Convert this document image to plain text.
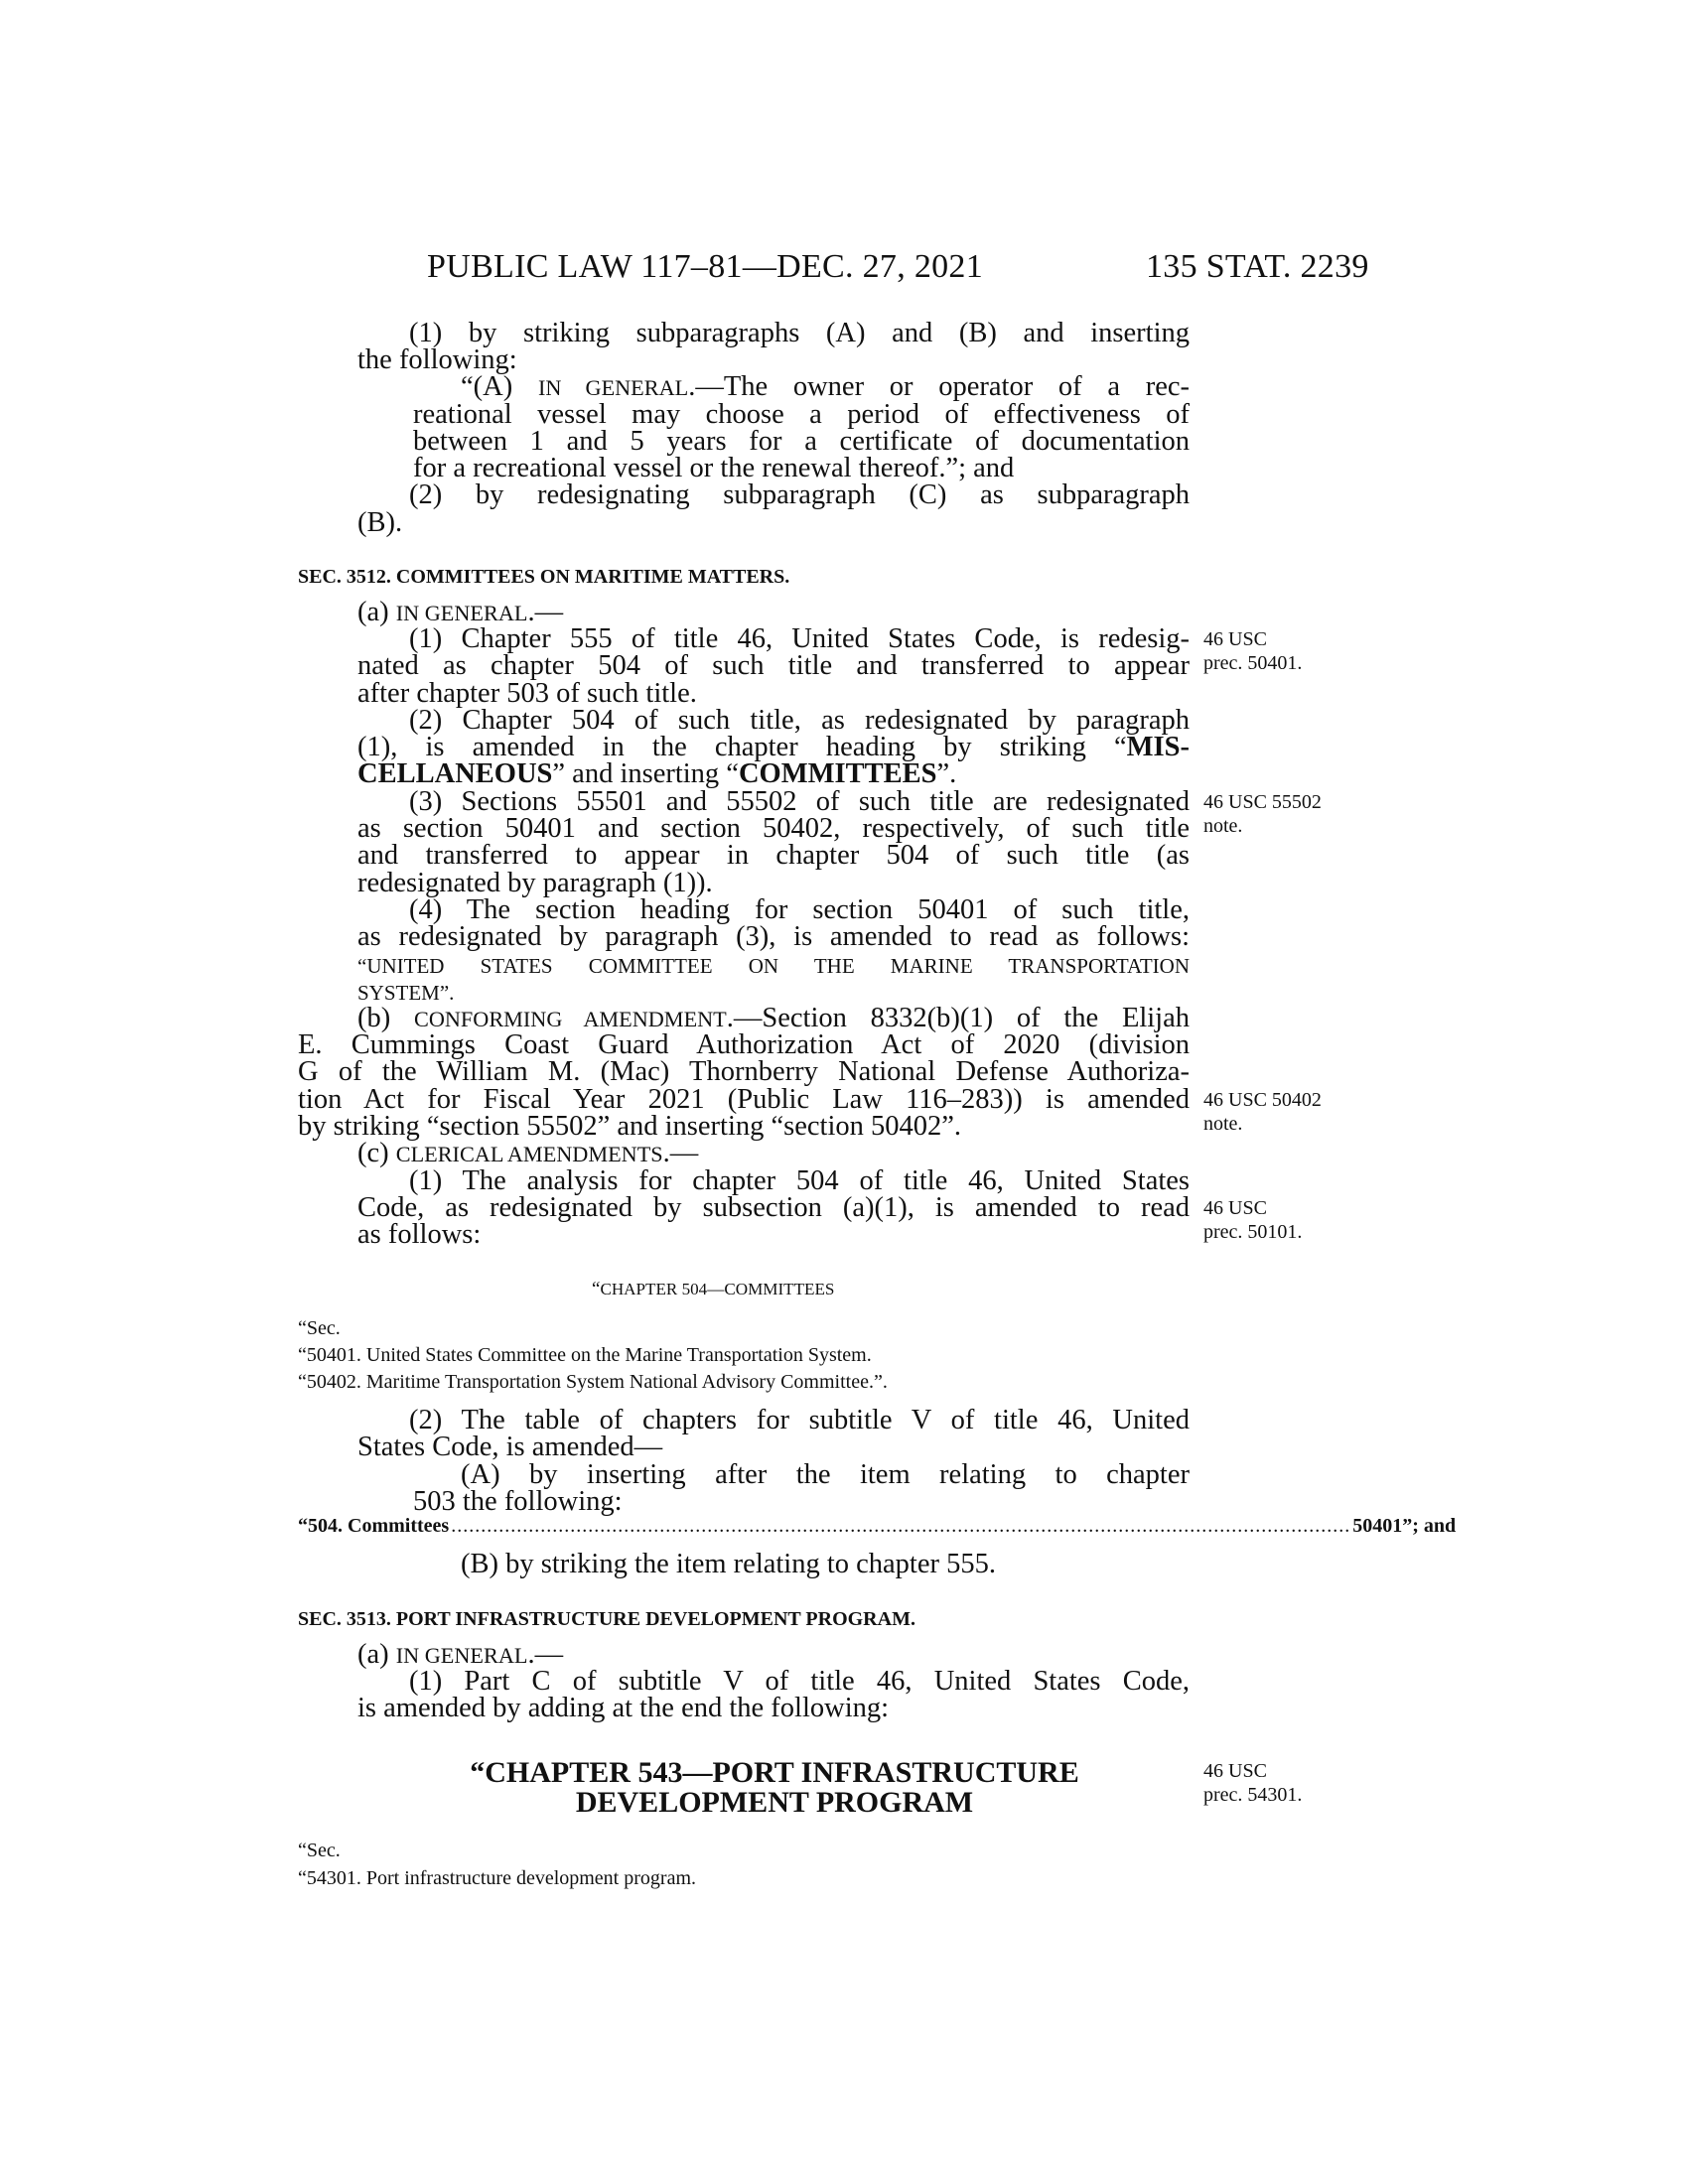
PUBLIC LAW 117–81—DEC. 27, 2021	135 STAT. 2239
(1) by striking subparagraphs (A) and (B) and inserting
the following:
“(A) IN GENERAL.—The owner or operator of a rec-
reational vessel may choose a period of effectiveness of
between 1 and 5 years for a certificate of documentation
for a recreational vessel or the renewal thereof.”; and
(2) by redesignating subparagraph (C) as subparagraph
(B).
SEC. 3512. COMMITTEES ON MARITIME MATTERS.
(a) IN GENERAL.—
(1) Chapter 555 of title 46, United States Code, is redesig-
nated as chapter 504 of such title and transferred to appear
after chapter 503 of such title.
(2) Chapter 504 of such title, as redesignated by paragraph
(1), is amended in the chapter heading by striking “MIS-
CELLANEOUS” and inserting “COMMITTEES”.
(3) Sections 55501 and 55502 of such title are redesignated
as section 50401 and section 50402, respectively, of such title
and transferred to appear in chapter 504 of such title (as
redesignated by paragraph (1)).
(4) The section heading for section 50401 of such title,
as redesignated by paragraph (3), is amended to read as follows:
“UNITED STATES COMMITTEE ON THE MARINE TRANSPORTATION
SYSTEM”.
(b) CONFORMING AMENDMENT.—Section 8332(b)(1) of the Elijah
E. Cummings Coast Guard Authorization Act of 2020 (division
G of the William M. (Mac) Thornberry National Defense Authoriza-
tion Act for Fiscal Year 2021 (Public Law 116–283)) is amended
by striking “section 55502” and inserting “section 50402”.
(c) CLERICAL AMENDMENTS.—
(1) The analysis for chapter 504 of title 46, United States
Code, as redesignated by subsection (a)(1), is amended to read
as follows:
“CHAPTER 504—COMMITTEES
“Sec.
“50401. United States Committee on the Marine Transportation System.
“50402. Maritime Transportation System National Advisory Committee.”.
(2) The table of chapters for subtitle V of title 46, United
States Code, is amended—
(A) by inserting after the item relating to chapter
503 the following:
“504. Committees ....................................................................................................................................................... 50401”; and
(B) by striking the item relating to chapter 555.
SEC. 3513. PORT INFRASTRUCTURE DEVELOPMENT PROGRAM.
(a) IN GENERAL.—
(1) Part C of subtitle V of title 46, United States Code,
is amended by adding at the end the following:
“CHAPTER 543—PORT INFRASTRUCTURE
DEVELOPMENT PROGRAM
“Sec.
“54301. Port infrastructure development program.
46 USC
prec. 50401.
46 USC 55502
note.
46 USC 50402
note.
46 USC
prec. 50101.
46 USC
prec. 54301.
